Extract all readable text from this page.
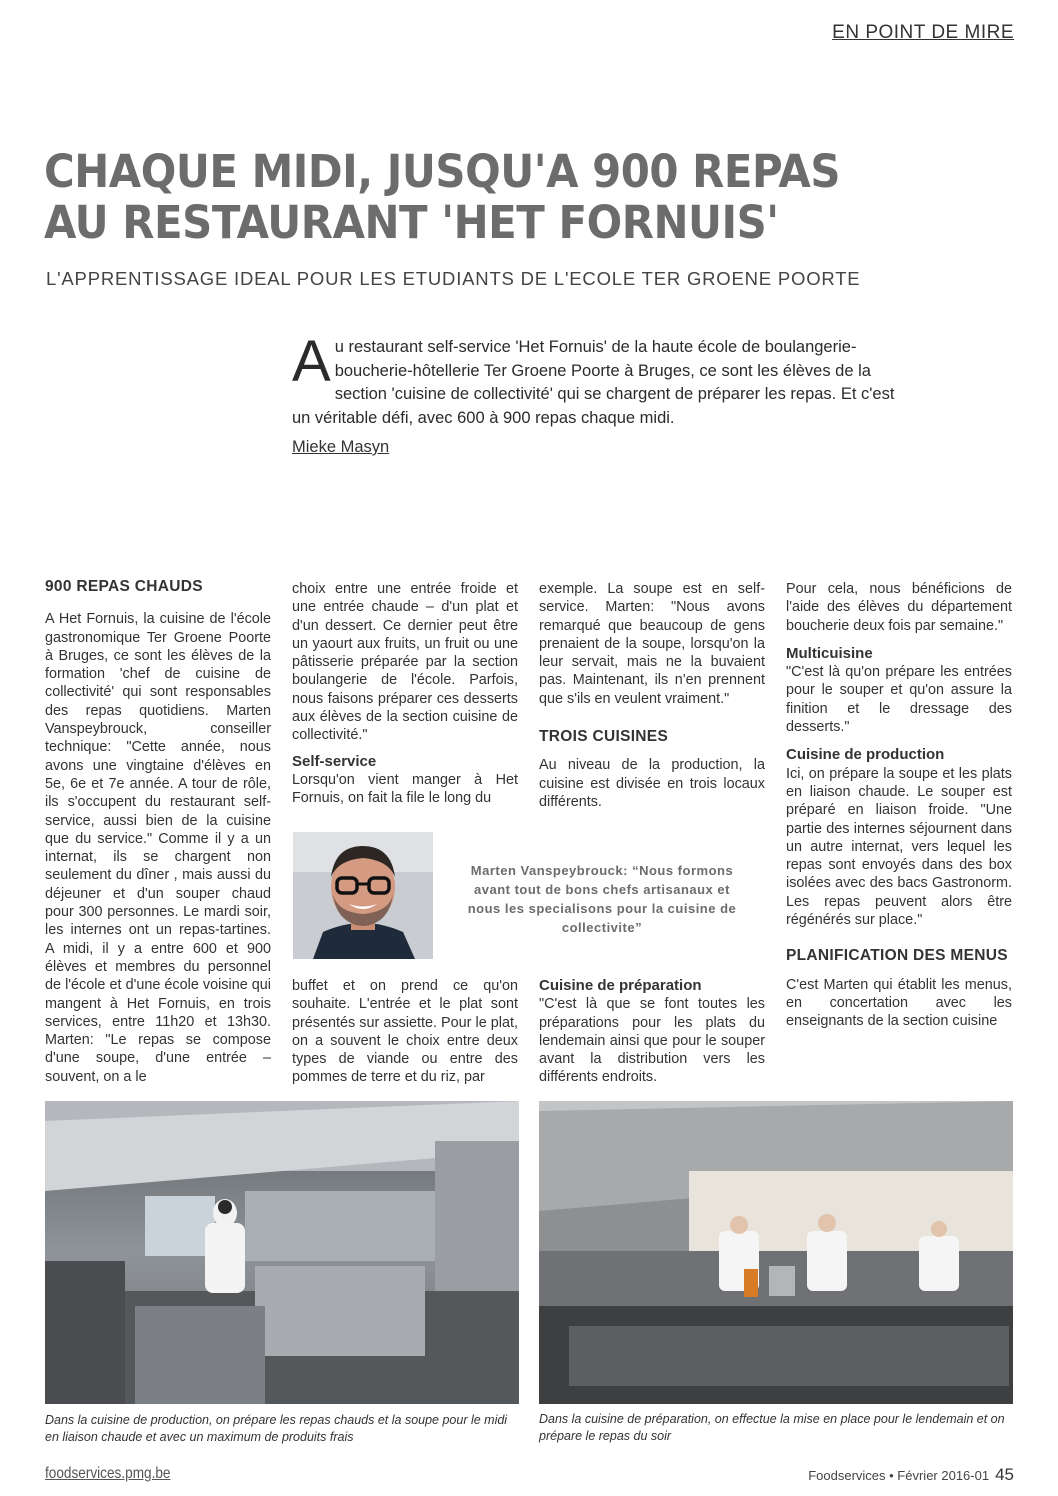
EN POINT DE MIRE
CHAQUE MIDI, JUSQU'A 900 REPAS
AU RESTAURANT 'HET FORNUIS'
L'APPRENTISSAGE IDEAL POUR LES ETUDIANTS DE L'ECOLE TER GROENE POORTE
A u restaurant self-service 'Het Fornuis' de la haute école de boulangerie-boucherie-hôtellerie Ter Groene Poorte à Bruges, ce sont les élèves de la section 'cuisine de collectivité' qui se chargent de préparer les repas. Et c'est un véritable défi, avec 600 à 900 repas chaque midi.
Mieke Masyn
900 REPAS CHAUDS

A Het Fornuis, la cuisine de l'école gastronomique Ter Groene Poorte à Bruges, ce sont les élèves de la formation 'chef de cuisine de collectivité' qui sont responsables des repas quotidiens. Marten Vanspeybrouck, conseiller technique: "Cette année, nous avons une vingtaine d'élèves en 5e, 6e et 7e année. A tour de rôle, ils s'occupent du restaurant self-service, aussi bien de la cuisine que du service." Comme il y a un internat, ils se chargent non seulement du dîner , mais aussi du déjeuner et d'un souper chaud pour 300 personnes. Le mardi soir, les internes ont un repas-tartines. A midi, il y a entre 600 et 900 élèves et membres du personnel de l'école et d'une école voisine qui mangent à Het Fornuis, en trois services, entre 11h20 et 13h30. Marten: "Le repas se compose d'une soupe, d'une entrée – souvent, on a le

choix entre une entrée froide et une entrée chaude – d'un plat et d'un dessert. Ce dernier peut être un yaourt aux fruits, un fruit ou une pâtisserie préparée par la section boulangerie de l'école. Parfois, nous faisons préparer ces desserts aux élèves de la section cuisine de collectivité."

Self-service

Lorsqu'on vient manger à Het Fornuis, on fait la file le long du

Marten Vanspeybrouck: “Nous formons
avant tout de bons chefs artisanaux et
nous les specialisons pour la cuisine de
collectivite”

buffet et on prend ce qu'on souhaite. L'entrée et le plat sont présentés sur assiette. Pour le plat, on a souvent le choix entre deux types de viande ou entre des pommes de terre et du riz, par

exemple. La soupe est en self-service. Marten: "Nous avons remarqué que beaucoup de gens prenaient de la soupe, lorsqu'on la leur servait, mais ne la buvaient pas. Maintenant, ils n'en prennent que s'ils en veulent vraiment."

TROIS CUISINES

Au niveau de la production, la cuisine est divisée en trois locaux différents.

Cuisine de préparation

"C'est là que se font toutes les préparations pour les plats du lendemain ainsi que pour le souper avant la distribution vers les différents endroits.

Pour cela, nous bénéficions de l'aide des élèves du département boucherie deux fois par semaine."

Multicuisine

"C'est là qu'on prépare les entrées pour le souper et qu'on assure la finition et le dressage des desserts."

Cuisine de production

Ici, on prépare la soupe et les plats en liaison chaude. Le souper est préparé en liaison froide. "Une partie des internes séjournent dans un autre internat, vers lequel les repas sont envoyés dans des box isolées avec des bacs Gastronorm. Les repas peuvent alors être régénérés sur place."

PLANIFICATION DES MENUS

C'est Marten qui établit les menus, en concertation avec les enseignants de la section cuisine

Dans la cuisine de production, on prépare les repas chauds et la soupe pour le midi en liaison chaude et avec un maximum de produits frais
Dans la cuisine de préparation, on effectue la mise en place pour le lendemain et on prépare le repas du soir
foodservices.pmg.be	Foodservices • Février 2016-01 45
